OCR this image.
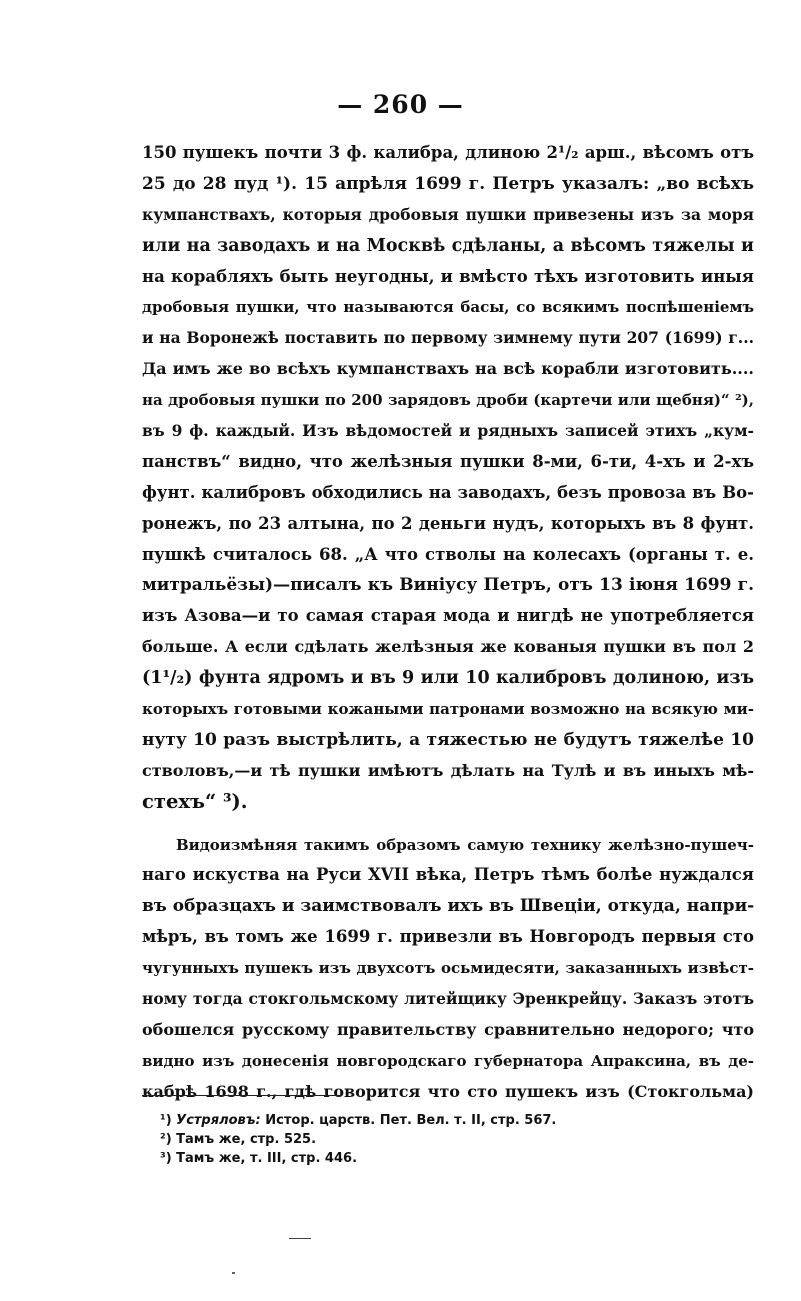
— 260 —
150 пушекъ почти 3 ф. калибра, длиною 2¹/₂ арш., вѣсомъ отъ
25 до 28 пуд ¹). 15 апрѣля 1699 г. Петръ указалъ: „во всѣхъ
кумпанствахъ, которыя дробовыя пушки привезены изъ за моря
или на заводахъ и на Москвѣ сдѣланы, а вѣсомъ тяжелы и
на корабляхъ быть неугодны, и вмѣсто тѣхъ изготовить иныя
дробовыя пушки, что называются басы, со всякимъ поспѣшеніемъ
и на Воронежѣ поставить по первому зимнему пути 207 (1699) г...
Да имъ же во всѣхъ кумпанствахъ на всѣ корабли изготовить....
на дробовыя пушки по 200 зарядовъ дроби (картечи или щебня)“ ²),
въ 9 ф. каждый. Изъ вѣдомостей и рядныхъ записей этихъ „кум-
панствъ“ видно, что желѣзныя пушки 8-ми, 6-ти, 4-хъ и 2-хъ
фунт. калибровъ обходились на заводахъ, безъ провоза въ Во-
ронежъ, по 23 алтына, по 2 деньги нудъ, которыхъ въ 8 фунт.
пушкѣ считалось 68. „А что стволы на колесахъ (органы т. е.
митральёзы)—писалъ къ Виніусу Петръ, отъ 13 іюня 1699 г.
изъ Азова—и то самая старая мода и нигдѣ не употребляется
больше. А если сдѣлать желѣзныя же кованыя пушки въ пол 2
(1¹/₂) фунта ядромъ и въ 9 или 10 калибровъ долиною, изъ
которыхъ готовыми кожаными патронами возможно на всякую ми-
нуту 10 разъ выстрѣлить, а тяжестью не будутъ тяжелѣе 10
стволовъ,—и тѣ пушки имѣютъ дѣлать на Тулѣ и въ иныхъ мѣ-
стехъ“ ³).
Видоизмѣняя такимъ образомъ самую технику желѣзно-пушеч-
наго искуства на Руси XVII вѣка, Петръ тѣмъ болѣе нуждался
въ образцахъ и заимствовалъ ихъ въ Швеціи, откуда, напри-
мѣръ, въ томъ же 1699 г. привезли въ Новгородъ первыя сто
чугунныхъ пушекъ изъ двухсотъ осьмидесяти, заказанныхъ извѣст-
ному тогда стокгольмскому литейщику Эренкрейцу. Заказъ этотъ
обошелся русскому правительству сравнительно недорого; что
видно изъ донесенія новгородскаго губернатора Апраксина, въ де-
кабрѣ 1698 г., гдѣ говорится что сто пушекъ изъ (Стокгольма)
¹) Устряловъ: Истор. царств. Пет. Вел. т. II, стр. 567.
²) Тамъ же, стр. 525.
³) Тамъ же, т. III, стр. 446.
